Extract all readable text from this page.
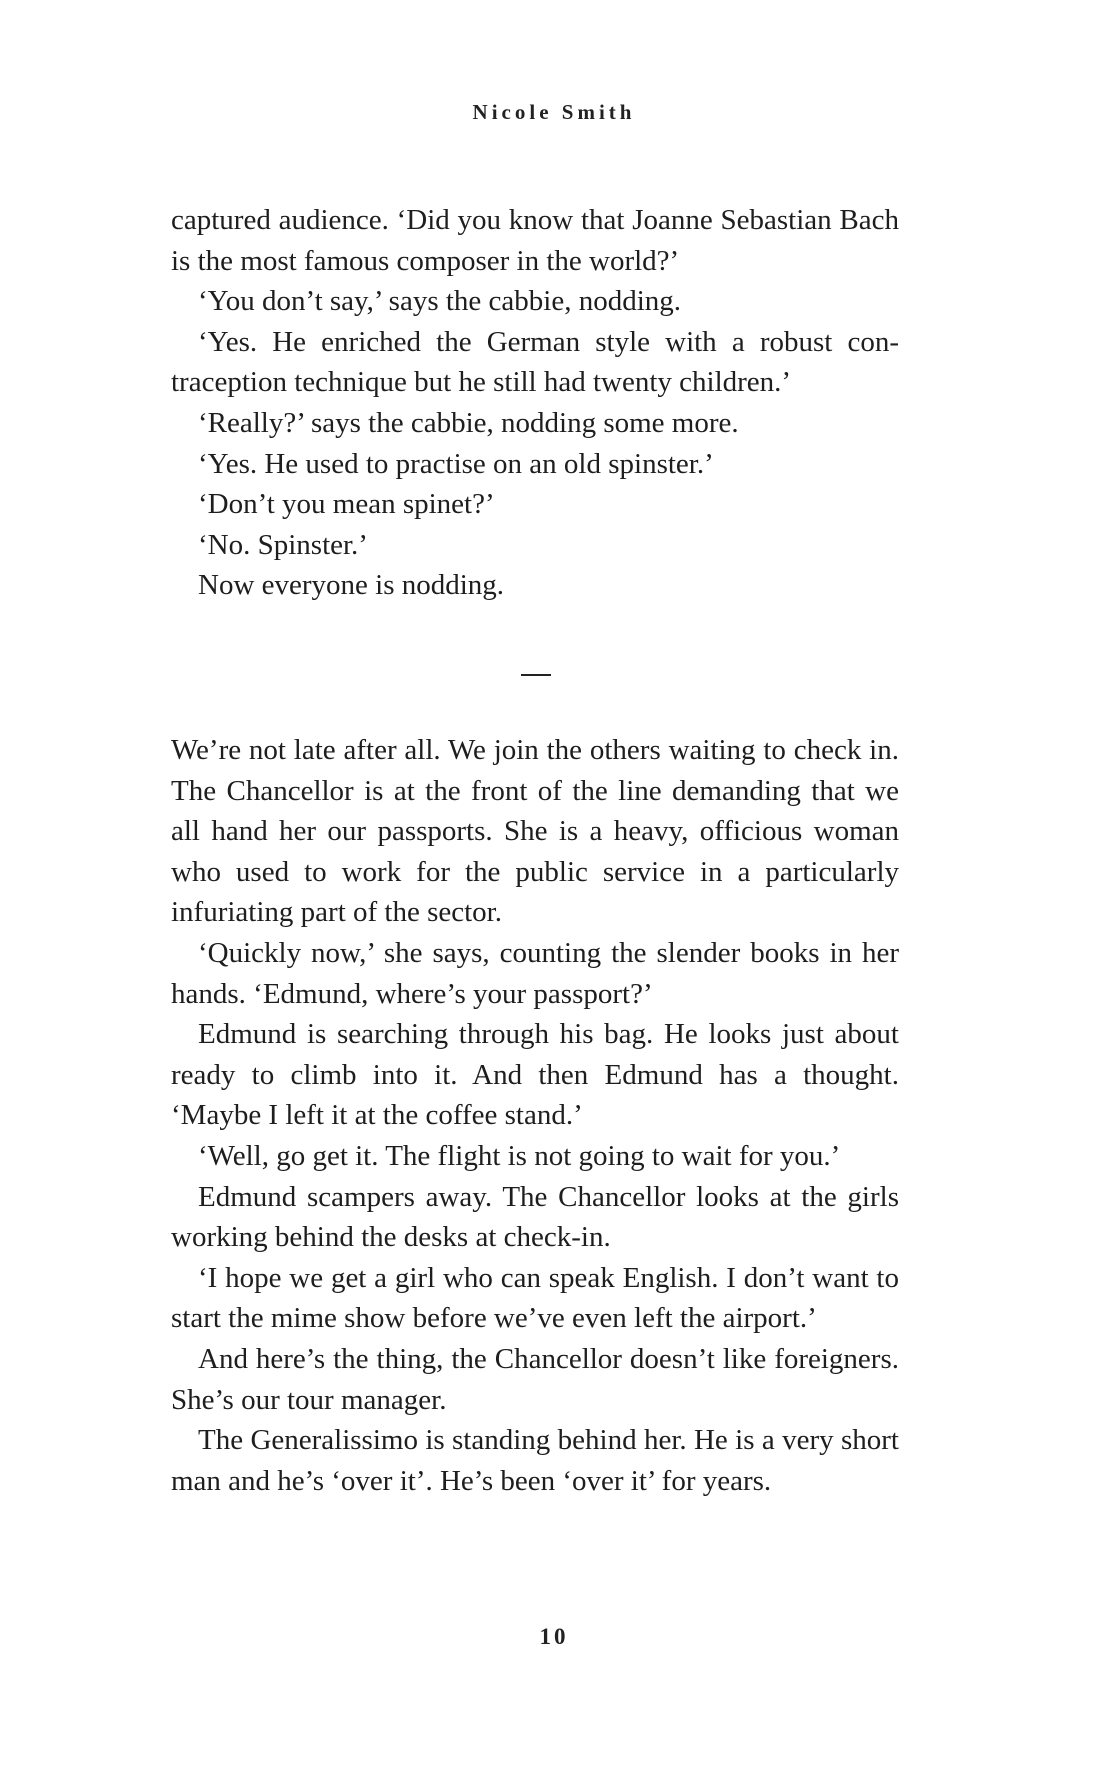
Nicole Smith

captured audience. ‘Did you know that Joanne Sebastian Bach is the most famous composer in the world?’

‘You don’t say,’ says the cabbie, nodding.

‘Yes. He enriched the German style with a robust contraception technique but he still had twenty children.’

‘Really?’ says the cabbie, nodding some more.

‘Yes. He used to practise on an old spinster.’

‘Don’t you mean spinet?’

‘No. Spinster.’

Now everyone is nodding.

We’re not late after all. We join the others waiting to check in. The Chancellor is at the front of the line demanding that we all hand her our passports. She is a heavy, officious woman who used to work for the public service in a particularly infuriating part of the sector.

‘Quickly now,’ she says, counting the slender books in her hands. ‘Edmund, where’s your passport?’

Edmund is searching through his bag. He looks just about ready to climb into it. And then Edmund has a thought. ‘Maybe I left it at the coffee stand.’

‘Well, go get it. The flight is not going to wait for you.’

Edmund scampers away. The Chancellor looks at the girls working behind the desks at check-in.

‘I hope we get a girl who can speak English. I don’t want to start the mime show before we’ve even left the airport.’

And here’s the thing, the Chancellor doesn’t like foreigners. She’s our tour manager.

The Generalissimo is standing behind her. He is a very short man and he’s ‘over it’. He’s been ‘over it’ for years.

10
